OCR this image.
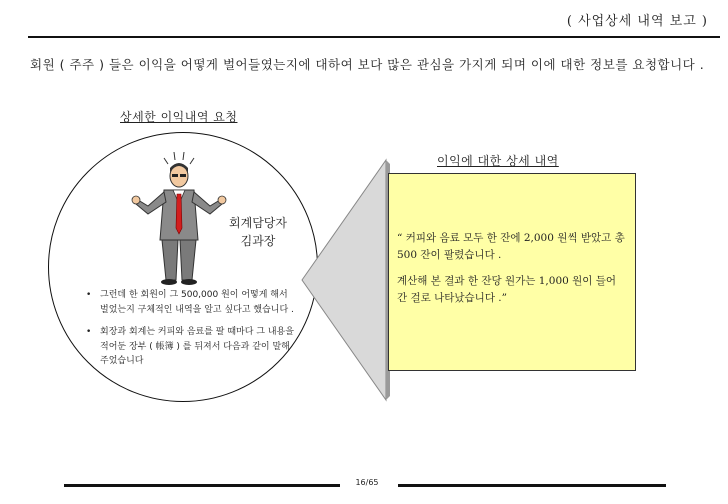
( 사업상세 내역 보고 )
회원 ( 주주 ) 들은 이익을 어떻게 벌어들였는지에 대하여 보다 많은 관심을 가지게 되며 이에 대한 정보를 요청합니다 .
상세한 이익내역 요청
회계담당자
김과장
• 그런데 한 회원이 그 500,000 원이 어떻게 해서 벌었는지 구체적인 내역을 알고 싶다고 했습니다 .
• 회장과 회계는 커피와 음료를 팔 때마다 그 내용을 적어둔 장부 ( 帳簿 ) 를 뒤져서 다음과 같이 말해 주었습니다
이익에 대한 상세 내역

“ 커피와 음료 모두 한 잔에 2,000 원씩 받았고 총 500 잔이 팔렸습니다 .

계산해 본 결과 한 잔당 원가는 1,000 원이 들어간 걸로 나타났습니다 .”

16/65
